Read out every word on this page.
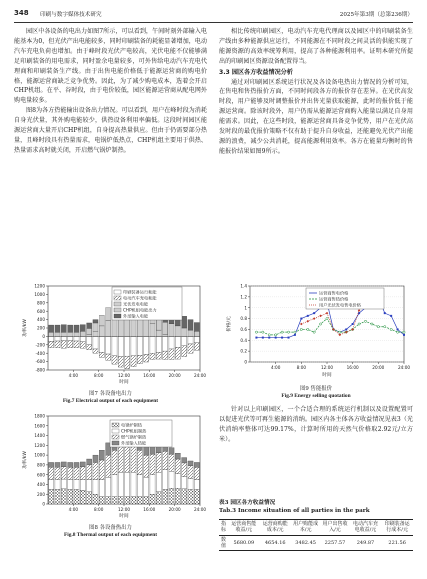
348 印刷与数字媒体技术研究	2025年第3期（总第236期）

园区中各设备的电出力如图7所示，可以看到，午间时刻外部输入电能基本为0，但光伏产出电能较多，同时印刷装备的耗能显著增加，电动汽车充电负荷也增加。由于峰时段光伏产电较高，光伏电能不仅能够满足印刷装备的用电需求，同时盈余电量较多，可外售给电动汽车充电代理商和印刷装备生产线。由于出售电能价格低于能源运营商的购电价格，能源运营商缺乏竞争优势。因此，为了减少购电成本，选着会开启CHP机组。在平、谷时段，由于电价较低，园区能源运营商从配电网外购电量较多。

图8为各方热能输出设备出力情况。可以看到，用户在峰时段为消耗自身光伏量，其外购电能较少，供热设备利用率偏低。这段时间园区能源运营商大量开启CHP机组，自身提高热量供应。但由于仍需要部分热量，且峰时段具有热量需求，电锅炉低热点，CHP机组主要用于供热、热量需求高时就关闭，开启燃气锅炉制热。

1200
1000
800
600
400
200
0
-200
-400
-600
-800
4:00	8:00	12:00	16:00	20:00	24:00
时间
功率/kW
印刷装备运行耗能
电动汽车充电耗能
光伏发电电能
CHP机组电能出力
外部输入电能
图7 各设备电出力
Fig.7 Electrical output of each equipment
1800
1600
1400
1200
1000
800
600
400
200
0
4:00	8:00	12:00	16:00	20:00	24:00
时间
功率/kW
电锅炉制热
CHP机组制热
燃气锅炉制热
外部输入热能
图8 各设备热出力
Fig.8 Thermal output of each equipment

相比传统印刷园区，电动汽车充电代理商以及园区中的印刷装备生产线由多种能源供应运行，不同能源在不同时段之间灵活的供能实现了能源资源的高效率统筹利用，提高了各种能源利用率。证明本研究所提出的印刷园区资源设备配置得当。

3.3 园区各方收益情况分析

通过对印刷园区系统运行状况及各设备电热出力情况的分析可知，在售电和售热报价方面，不同时间段各方的报价存在差异。在光伏高发时段，用户能够及时调整报价并出售光量获取能源，此时的报价低于能源运营商。除该时段外，用户仍需从能源运营商购入能量以满足自身用能需求。因此，在这些时段，能源运营商具备竞争优势，用户在光伏高发时段的最优报价策略不仅有助于提升自身收益，还能避免光伏产出能源的浪费，减少公共消耗，提高能源利用效率。各方在能量均衡时的售能报价结果如图9所示。

1.4
1.2
1
0.8
0.6
0.4
0.2
0
4:00	8:00	12:00	16:00	20:00	24:00
时间
价格/元
运营商售电价格
运营商售热价格
用户光伏发电售电价格
图9 售能报价
Fig.9 Energy selling quotation

针对以上印刷园区，一个合适合理的系统运行机制以及设置配置可以促进光伏等可再生能源的消纳。园区内各主体各方收益情况见表3（光伏消纳率整体可达99.17%，计算时所用的天然气价格取2.92元/立方米）。

表3 园区各方收益情况
Tab.3 Income situation of all parties in the park
指标	运营商售能收益/元	运营商购能成本/元	用户购能成本/元	用户出售收入/元	电动汽车充电收益/元	印刷装备运行成本/元
数值	5680.09	4654.16	3482.45	2257.57	249.87	221.56
